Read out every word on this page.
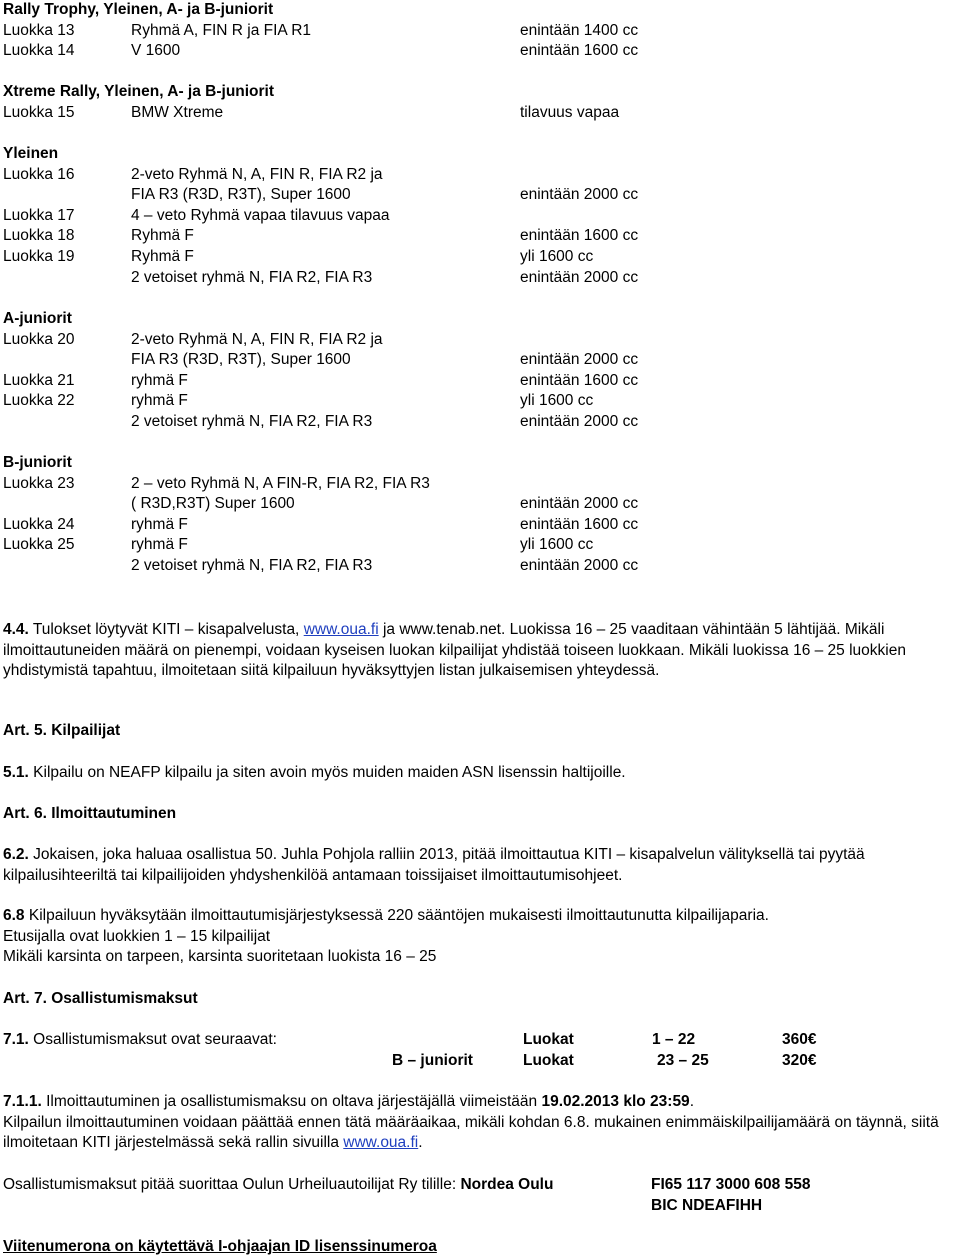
Rally Trophy, Yleinen, A- ja B-juniorit
Luokka 13	Ryhmä A, FIN R ja FIA R1	enintään 1400 cc
Luokka 14	V 1600	enintään 1600 cc
Xtreme Rally, Yleinen, A- ja B-juniorit
Luokka 15	BMW Xtreme	tilavuus vapaa
Yleinen
Luokka 16	2-veto Ryhmä N, A, FIN R, FIA R2 ja
FIA R3 (R3D, R3T), Super 1600	enintään 2000 cc
Luokka 17	4 – veto Ryhmä vapaa tilavuus vapaa
Luokka 18	Ryhmä F	enintään 1600 cc
Luokka 19	Ryhmä F	yli 1600 cc
2 vetoiset ryhmä N, FIA R2, FIA R3	enintään 2000 cc
A-juniorit
Luokka 20	2-veto Ryhmä N, A, FIN R, FIA R2 ja
FIA R3 (R3D, R3T), Super 1600	enintään 2000 cc
Luokka 21	ryhmä F	enintään 1600 cc
Luokka 22	ryhmä F	yli 1600 cc
2 vetoiset ryhmä N, FIA R2, FIA R3	enintään 2000 cc
B-juniorit
Luokka 23	2 – veto Ryhmä N, A FIN-R, FIA R2, FIA R3
( R3D,R3T) Super 1600	enintään 2000 cc
Luokka 24	ryhmä F	enintään 1600 cc
Luokka 25	ryhmä F	yli 1600 cc
2 vetoiset ryhmä N, FIA R2, FIA R3	enintään 2000 cc
4.4. Tulokset löytyvät KITI – kisapalvelusta, www.oua.fi ja www.tenab.net. Luokissa 16 – 25 vaaditaan vähintään 5 lähtijää. Mikäli ilmoittautuneiden määrä on pienempi, voidaan kyseisen luokan kilpailijat yhdistää toiseen luokkaan. Mikäli luokissa 16 – 25 luokkien yhdistymistä tapahtuu, ilmoitetaan siitä kilpailuun hyväksyttyjen listan julkaisemisen yhteydessä.
Art. 5. Kilpailijat
5.1. Kilpailu on NEAFP kilpailu ja siten avoin myös muiden maiden ASN lisenssin haltijoille.
Art. 6. Ilmoittautuminen
6.2. Jokaisen, joka haluaa osallistua 50. Juhla Pohjola ralliin 2013, pitää ilmoittautua KITI – kisapalvelun välityksellä tai pyytää kilpailusihteeriltä tai kilpailijoiden yhdyshenkilöä antamaan toissijaiset ilmoittautumisohjeet.
6.8 Kilpailuun hyväksytään ilmoittautumisjärjestyksessä 220 sääntöjen mukaisesti ilmoittautunutta kilpailijaparia.
Etusijalla ovat luokkien 1 – 15 kilpailijat
Mikäli karsinta on tarpeen, karsinta suoritetaan luokista 16 – 25
Art. 7. Osallistumismaksut
7.1. Osallistumismaksut ovat seuraavat:	Luokat	1 – 22	360€
B – juniorit	Luokat	23 – 25	320€
7.1.1. Ilmoittautuminen ja osallistumismaksu on oltava järjestäjällä viimeistään 19.02.2013 klo 23:59.
Kilpailun ilmoittautuminen voidaan päättää ennen tätä määräaikaa, mikäli kohdan 6.8. mukainen enimmäiskilpailijamäärä on täynnä, siitä ilmoitetaan KITI järjestelmässä sekä rallin sivuilla www.oua.fi.
Osallistumismaksut pitää suorittaa Oulun Urheiluautoilijat Ry tilille: Nordea Oulu	FI65 117 3000 608 558
BIC NDEAFIHH
Viitenumerona on käytettävä I-ohjaajan ID lisenssinumeroa
